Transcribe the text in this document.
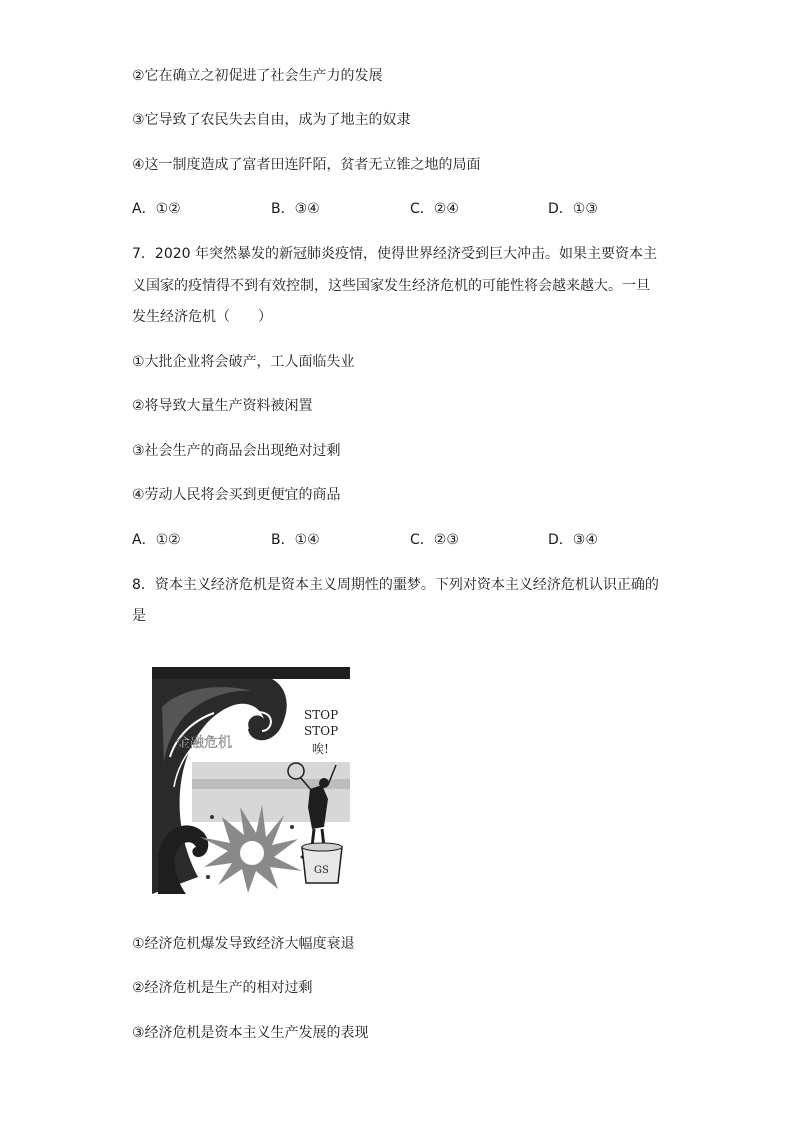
②它在确立之初促进了社会生产力的发展
③它导致了农民失去自由，成为了地主的奴隶
④这一制度造成了富者田连阡陌，贫者无立锥之地的局面
A．①②	B．③④	C．②④	D．①③
7．2020 年突然暴发的新冠肺炎疫情，使得世界经济受到巨大冲击。如果主要资本主
义国家的疫情得不到有效控制，这些国家发生经济危机的可能性将会越来越大。一旦
发生经济危机（　　）
①大批企业将会破产，工人面临失业
②将导致大量生产资料被闲置
③社会生产的商品会出现绝对过剩
④劳动人民将会买到更便宜的商品
A．①②	B．①④	C．②③	D．③④
8．资本主义经济危机是资本主义周期性的噩梦。下列对资本主义经济危机认识正确的
是
GS
金融危机
STOP
STOP
唉!
①经济危机爆发导致经济大幅度衰退
②经济危机是生产的相对过剩
③经济危机是资本主义生产发展的表现
